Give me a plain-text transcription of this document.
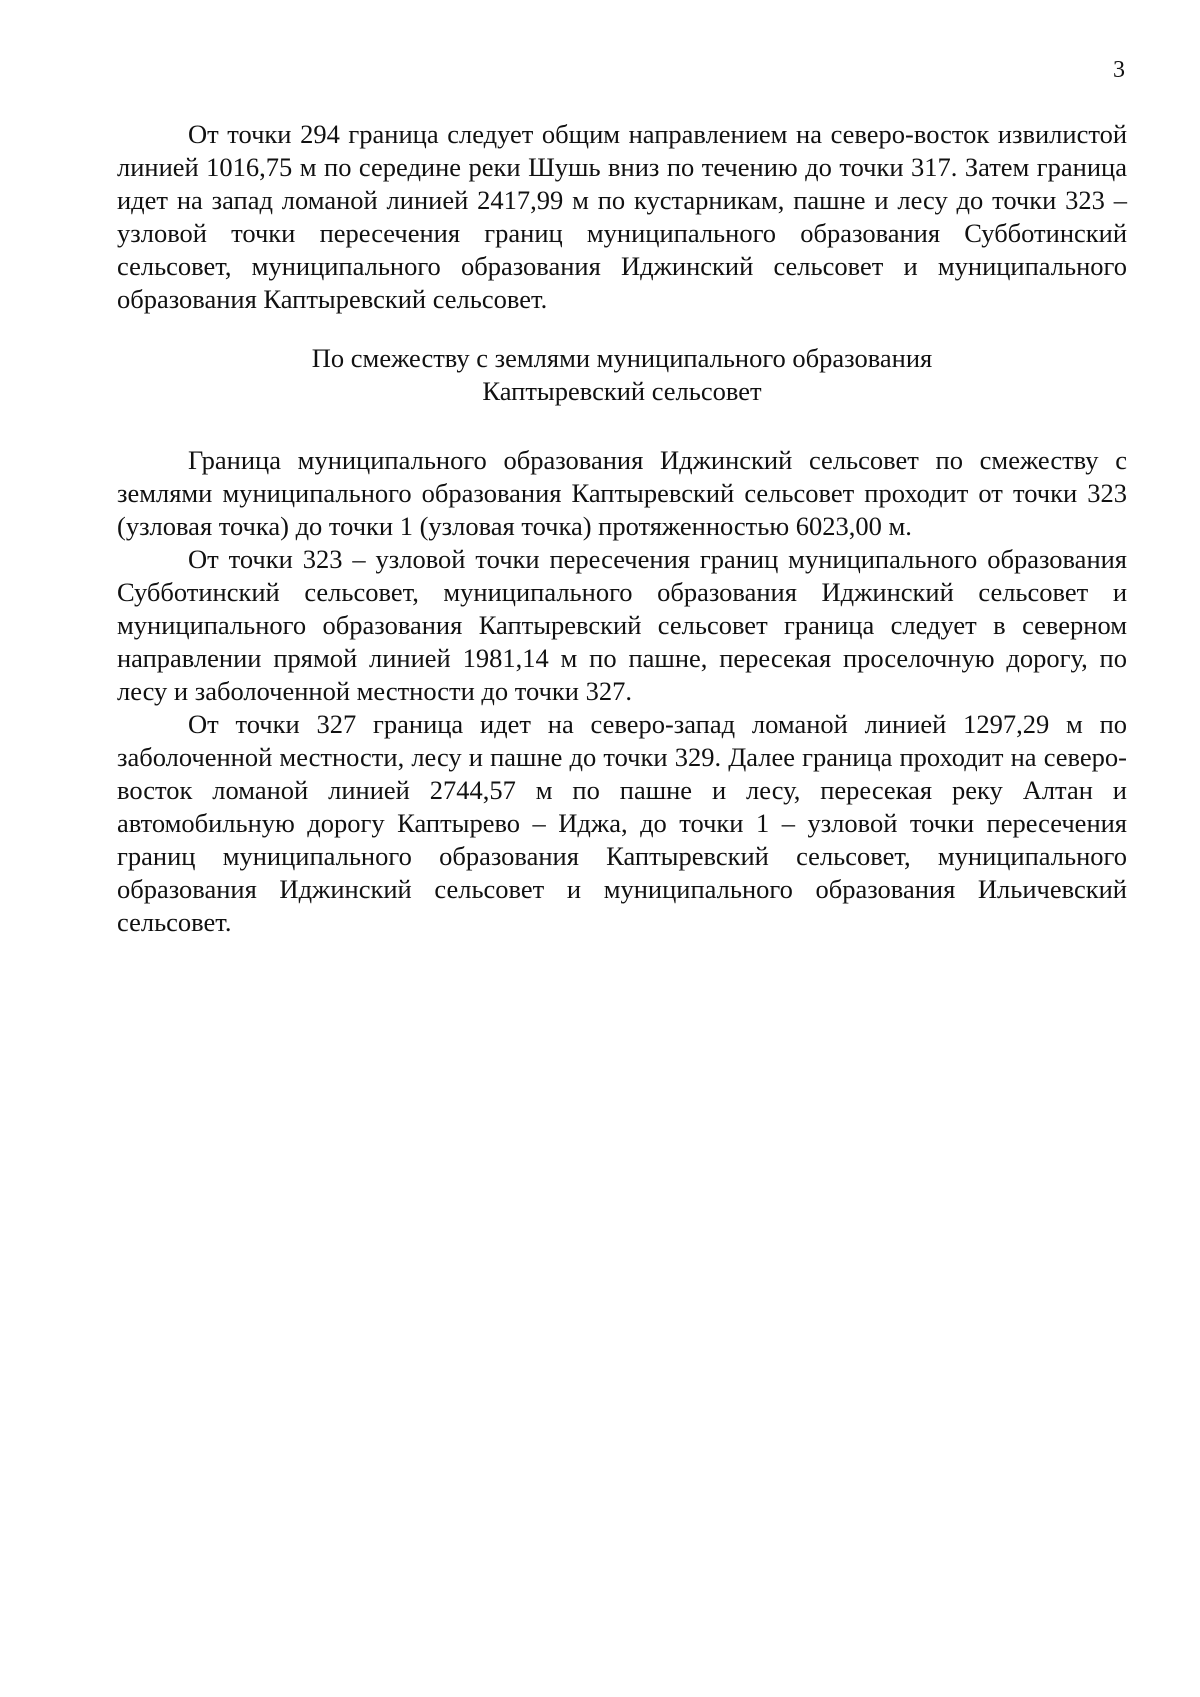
3

От точки 294 граница следует общим направлением на северо-восток извилистой линией 1016,75 м по середине реки Шушь вниз по течению до точки 317. Затем граница идет на запад ломаной линией 2417,99 м по кустарникам, пашне и лесу до точки 323 – узловой точки пересечения границ муниципального образования Субботинский сельсовет, муниципального образования Иджинский сельсовет и муниципального образования Каптыревский сельсовет.

По смежеству с землями муниципального образования
Каптыревский сельсовет

Граница муниципального образования Иджинский сельсовет по смежеству с землями муниципального образования Каптыревский сельсовет проходит от точки 323 (узловая точка) до точки 1 (узловая точка) протяженностью 6023,00 м.

От точки 323 – узловой точки пересечения границ муниципального образования Субботинский сельсовет, муниципального образования Иджинский сельсовет и муниципального образования Каптыревский сельсовет граница следует в северном направлении прямой линией 1981,14 м по пашне, пересекая проселочную дорогу, по лесу и заболоченной местности до точки 327.

От точки 327 граница идет на северо-запад ломаной линией 1297,29 м по заболоченной местности, лесу и пашне до точки 329. Далее граница проходит на северо-восток ломаной линией 2744,57 м по пашне и лесу, пересекая реку Алтан и автомобильную дорогу Каптырево – Иджа, до точки 1 – узловой точки пересечения границ муниципального образования Каптыревский сельсовет, муниципального образования Иджинский сельсовет и муниципального образования Ильичевский сельсовет.
